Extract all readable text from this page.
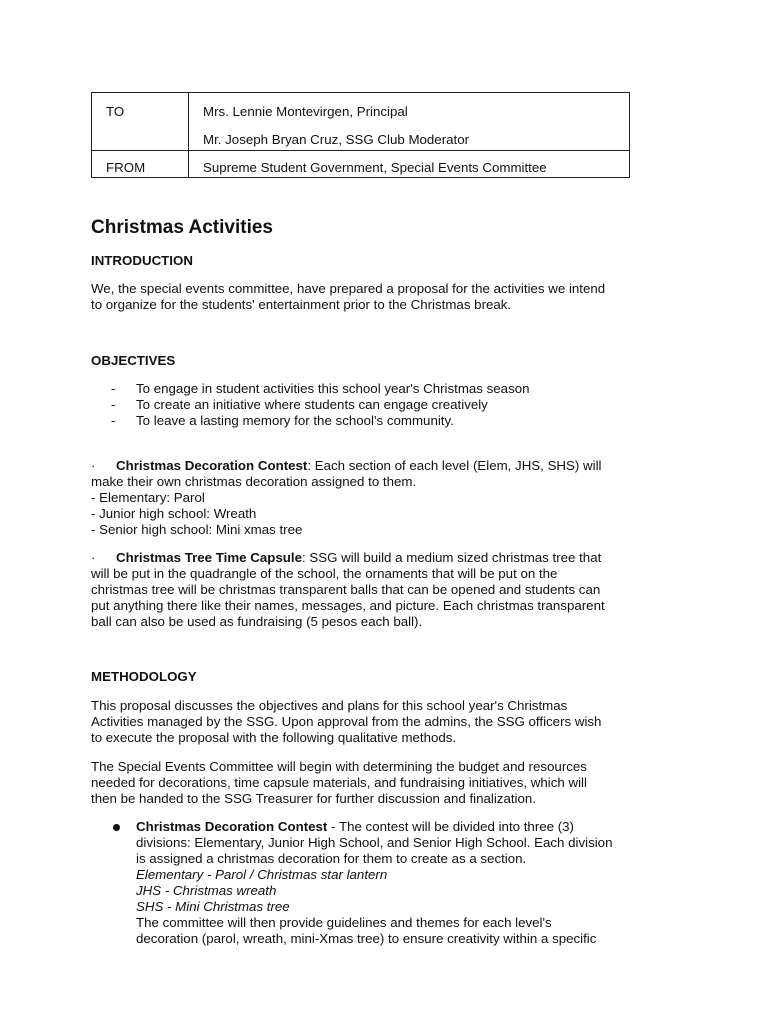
TO	Mrs. Lennie Montevirgen, Principal
Mr. Joseph Bryan Cruz, SSG Club Moderator

FROM	Supreme Student Government, Special Events Committee
Christmas Activities
INTRODUCTION
We, the special events committee, have prepared a proposal for the activities we intend
to organize for the students' entertainment prior to the Christmas break.
OBJECTIVES
- To engage in student activities this school year's Christmas season
- To create an initiative where students can engage creatively
- To leave a lasting memory for the school's community.
· Christmas Decoration Contest: Each section of each level (Elem, JHS, SHS) will
make their own christmas decoration assigned to them.
- Elementary: Parol
- Junior high school: Wreath
- Senior high school: Mini xmas tree
· Christmas Tree Time Capsule: SSG will build a medium sized christmas tree that
will be put in the quadrangle of the school, the ornaments that will be put on the
christmas tree will be christmas transparent balls that can be opened and students can
put anything there like their names, messages, and picture. Each christmas transparent
ball can also be used as fundraising (5 pesos each ball).
METHODOLOGY
This proposal discusses the objectives and plans for this school year's Christmas
Activities managed by the SSG. Upon approval from the admins, the SSG officers wish
to execute the proposal with the following qualitative methods.
The Special Events Committee will begin with determining the budget and resources
needed for decorations, time capsule materials, and fundraising initiatives, which will
then be handed to the SSG Treasurer for further discussion and finalization.
Christmas Decoration Contest - The contest will be divided into three (3)
divisions: Elementary, Junior High School, and Senior High School. Each division
is assigned a christmas decoration for them to create as a section.
Elementary - Parol / Christmas star lantern
JHS - Christmas wreath
SHS - Mini Christmas tree
The committee will then provide guidelines and themes for each level's
decoration (parol, wreath, mini-Xmas tree) to ensure creativity within a specific
